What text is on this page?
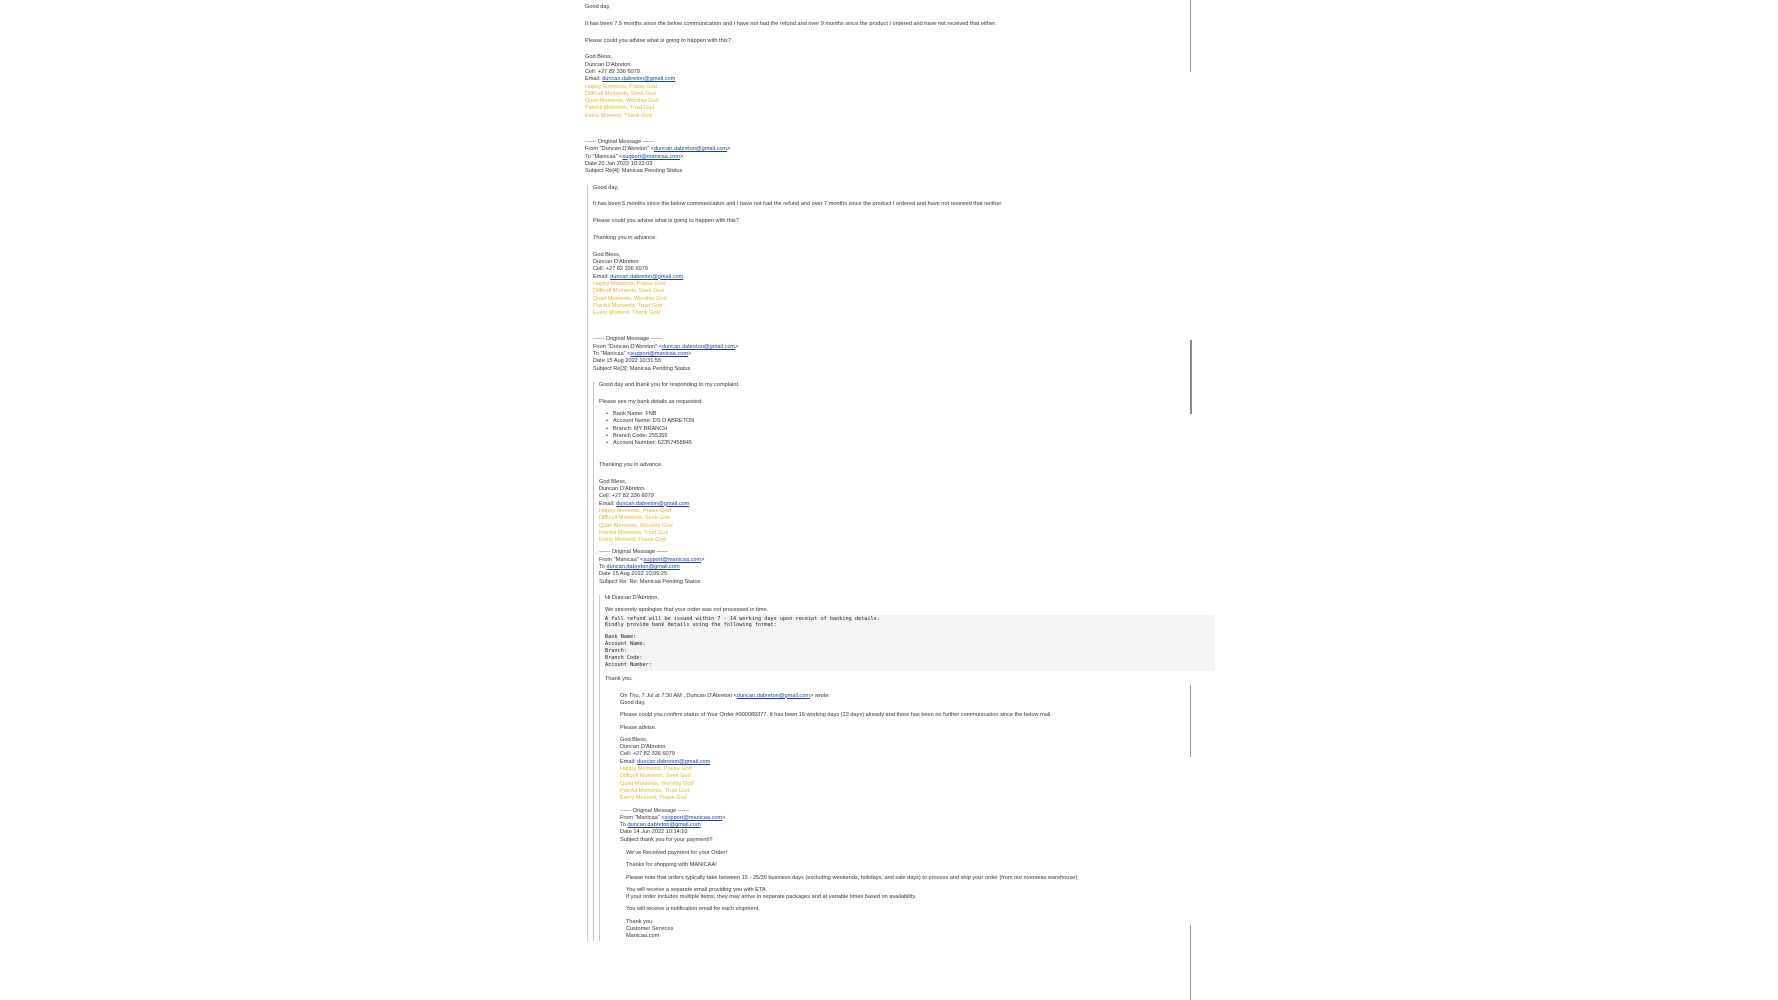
Good day,
It has been 7.5 months since the below communication and I have not had the refund and over 9 months since the product I ordered and have not received that either.
Please could you advise what is going to happen with this?
God Bless,
Duncan D'Abreton
Cell: +27 82 336 6079
Email: duncan.dabreton@gmail.com
Happy Moments, Praise God
Difficult Moments, Seek God
Quiet Moments, Worship God
Painful Moments, Trust God
Every Moment, Thank God
------ Original Message ------
From "Duncan D'Abreton" <duncan.dabreton@gmail.com>
To "Manicaa" <support@manicaa.com>
Date 20 Jan 2023 10:22:03
Subject Re[4]: Manicaa Pending Status
Good day,
It has been 5 months since the below communication and I have not had the refund and over 7 months since the product I ordered and have not received that neither.
Please could you advise what is going to happen with this?
Thanking you in advance.
God Bless,
Duncan D'Abreton
Cell: +27 82 336 6079
Email: duncan.dabreton@gmail.com
Happy Moments, Praise God
Difficult Moments, Seek God
Quiet Moments, Worship God
Painful Moments, Trust God
Every Moment, Thank God
------ Original Message ------
From "Duncan D'Abreton" <duncan.dabreton@gmail.com>
To "Manicaa" <support@manicaa.com>
Date 15 Aug 2022 10:31:55
Subject Re[3]: Manicaa Pending Status
Good day and thank you for responding to my complaint.
Please see my bank details as requested:
• Bank Name: FNB
• Account Name: DS D ABRETON
• Branch: MY BRANCH
• Branch Code: 255355
• Account Number: 62357458845
Thanking you in advance.
God Bless,
Duncan D'Abreton
Cell: +27 82 336 6079
Email: duncan.dabreton@gmail.com
Happy Moments, Praise God
Difficult Moments, Seek God
Quiet Moments, Worship God
Painful Moments, Trust God
Every Moment, Thank God
------ Original Message ------
From "Manicaa" <support@manicaa.com>
To duncan.dabreton@gmail.com
Date 15 Aug 2022 10:06:25
Subject Re: Re: Manicaa Pending Status
Hi Duncan D'Abreton,
We sincerely apologize that your order was not processed in time.
A full refund will be issued within 7 - 14 working days upon receipt of banking details.
Kindly provide bank details using the following format:
Bank Name:
Account Name:
Branch:
Branch Code:
Account Number:
Thank you.
On Thu, 7 Jul at 7:30 AM , Duncan D'Abreton <duncan.dabreton@gmail.com> wrote:
Good day,
Please could you confirm status of Your Order #000089377. It has been 16 working days (23 days) already and there has been no further communication since the below mail.
Please advise.
God Bless,
Duncan D'Abreton
Cell: +27 82 336 6079
Email: duncan.dabreton@gmail.com
Happy Moments, Praise God
Difficult Moments, Seek God
Quiet Moments, Worship God
Painful Moments, Trust God
Every Moment, Thank God
------ Original Message ------
From "Manicaa" <support@manicaa.com>
To duncan.dabreton@gmail.com
Date 14 Jun 2022 10:14:10
Subject thank you for your payment!!!
We've Received payment for your Order!
Thanks for shopping with MANICAA!
Please note that orders typically take between 15 - 25/30 business days (excluding weekends, holidays, and sale days) to process and ship your order (from our overseas warehouse).
You will receive a separate email providing you with ETA.
If your order includes multiple items, they may arrive in separate packages and at variable times based on availability.
You will receive a notification email for each shipment.
Thank you
Customer Services
Manicaa.com
